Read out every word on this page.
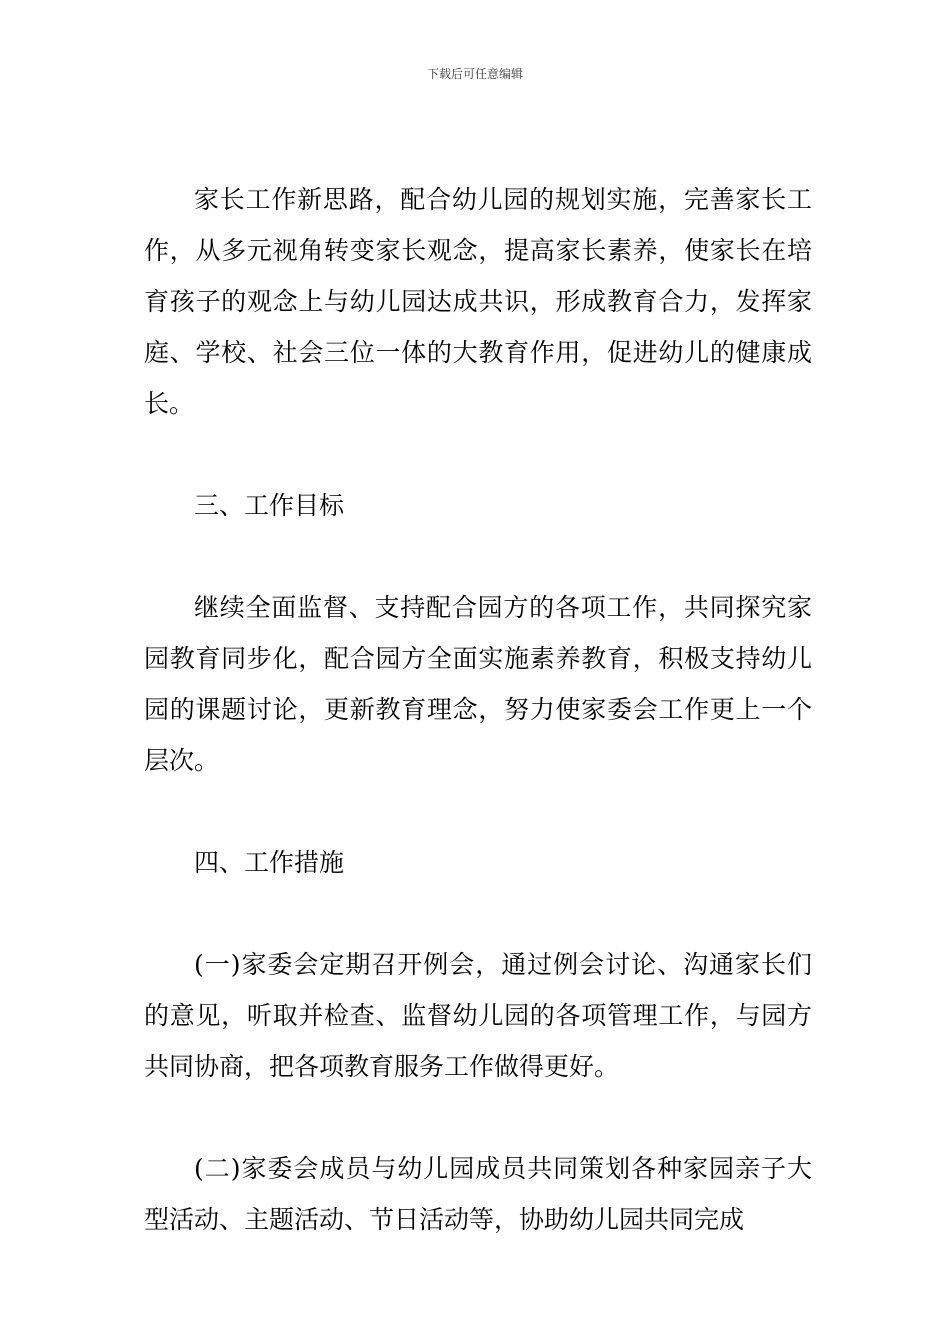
下载后可任意编辑

家长工作新思路，配合幼儿园的规划实施，完善家长工作，从多元视角转变家长观念，提高家长素养，使家长在培育孩子的观念上与幼儿园达成共识，形成教育合力，发挥家庭、学校、社会三位一体的大教育作用，促进幼儿的健康成长。

三、工作目标

继续全面监督、支持配合园方的各项工作，共同探究家园教育同步化，配合园方全面实施素养教育，积极支持幼儿园的课题讨论，更新教育理念，努力使家委会工作更上一个层次。

四、工作措施

(一)家委会定期召开例会，通过例会讨论、沟通家长们的意见，听取并检查、监督幼儿园的各项管理工作，与园方共同协商，把各项教育服务工作做得更好。

(二)家委会成员与幼儿园成员共同策划各种家园亲子大型活动、主题活动、节日活动等，协助幼儿园共同完成
